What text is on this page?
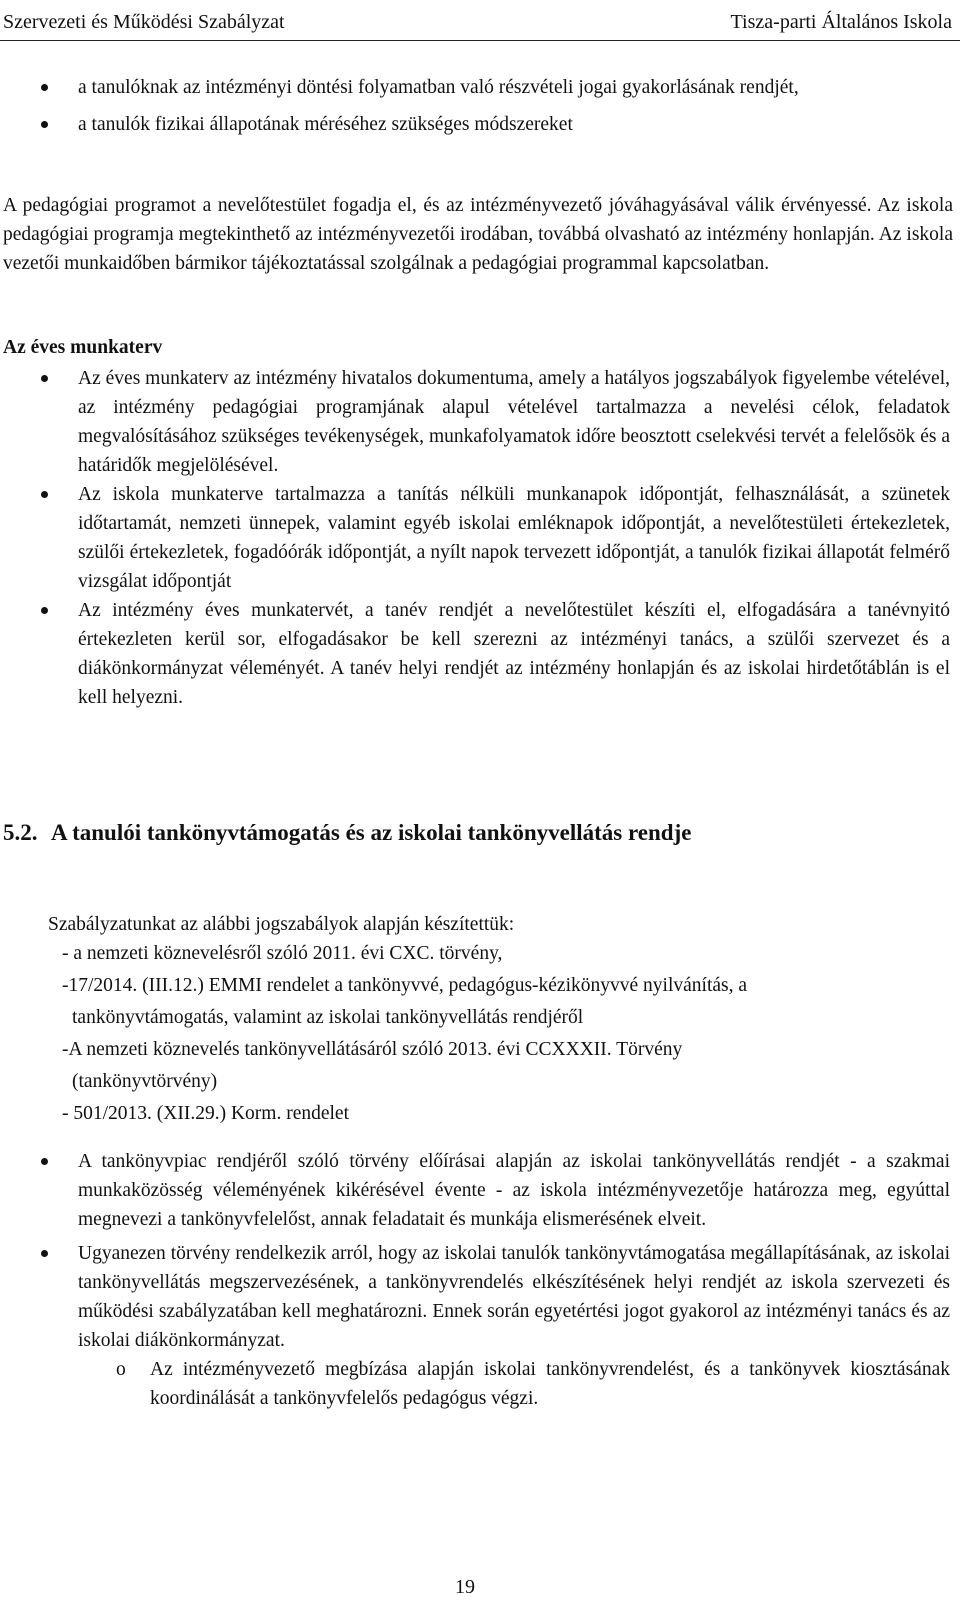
Szervezeti és Működési Szabályzat	Tisza-parti Általános Iskola
a tanulóknak az intézményi döntési folyamatban való részvételi jogai gyakorlásának rendjét,
a tanulók fizikai állapotának méréséhez szükséges módszereket

A pedagógiai programot a nevelőtestület fogadja el, és az intézményvezető jóváhagyásával válik érvényessé. Az iskola pedagógiai programja megtekinthető az intézményvezetői irodában, továbbá olvasható az intézmény honlapján. Az iskola vezetői munkaidőben bármikor tájékoztatással szolgálnak a pedagógiai programmal kapcsolatban.

Az éves munkaterv

Az éves munkaterv az intézmény hivatalos dokumentuma, amely a hatályos jogszabályok figyelembe vételével, az intézmény pedagógiai programjának alapul vételével tartalmazza a nevelési célok, feladatok megvalósításához szükséges tevékenységek, munkafolyamatok időre beosztott cselekvési tervét a felelősök és a határidők megjelölésével.
Az iskola munkaterve tartalmazza a tanítás nélküli munkanapok időpontját, felhasználását, a szünetek időtartamát, nemzeti ünnepek, valamint egyéb iskolai emléknapok időpontját, a nevelőtestületi értekezletek, szülői értekezletek, fogadóórák időpontját, a nyílt napok tervezett időpontját, a tanulók fizikai állapotát felmérő vizsgálat időpontját
Az intézmény éves munkatervét, a tanév rendjét a nevelőtestület készíti el, elfogadására a tanévnyitó értekezleten kerül sor, elfogadásakor be kell szerezni az intézményi tanács, a szülői szervezet és a diákönkormányzat véleményét. A tanév helyi rendjét az intézmény honlapján és az iskolai hirdetőtáblán is el kell helyezni.
5.2. A tanulói tankönyvtámogatás és az iskolai tankönyvellátás rendje
Szabályzatunkat az alábbi jogszabályok alapján készítettük:
- a nemzeti köznevelésről szóló 2011. évi CXC. törvény,
-17/2014. (III.12.) EMMI rendelet a tankönyvvé, pedagógus-kézikönyvvé nyilvánítás, a
tankönyvtámogatás, valamint az iskolai tankönyvellátás rendjéről
-A nemzeti köznevelés tankönyvellátásáról szóló 2013. évi CCXXXII. Törvény
(tankönyvtörvény)
- 501/2013. (XII.29.) Korm. rendelet
A tankönyvpiac rendjéről szóló törvény előírásai alapján az iskolai tankönyvellátás rendjét - a szakmai munkaközösség véleményének kikérésével évente - az iskola intézményvezetője határozza meg, egyúttal megnevezi a tankönyvfelelőst, annak feladatait és munkája elismerésének elveit.
Ugyanezen törvény rendelkezik arról, hogy az iskolai tanulók tankönyvtámogatása megállapításának, az iskolai tankönyvellátás megszervezésének, a tankönyvrendelés elkészítésének helyi rendjét az iskola szervezeti és működési szabályzatában kell meghatározni. Ennek során egyetértési jogot gyakorol az intézményi tanács és az iskolai diákönkormányzat.
o Az intézményvezető megbízása alapján iskolai tankönyvrendelést, és a tankönyvek kiosztásának koordinálását a tankönyvfelelős pedagógus végzi.
19
